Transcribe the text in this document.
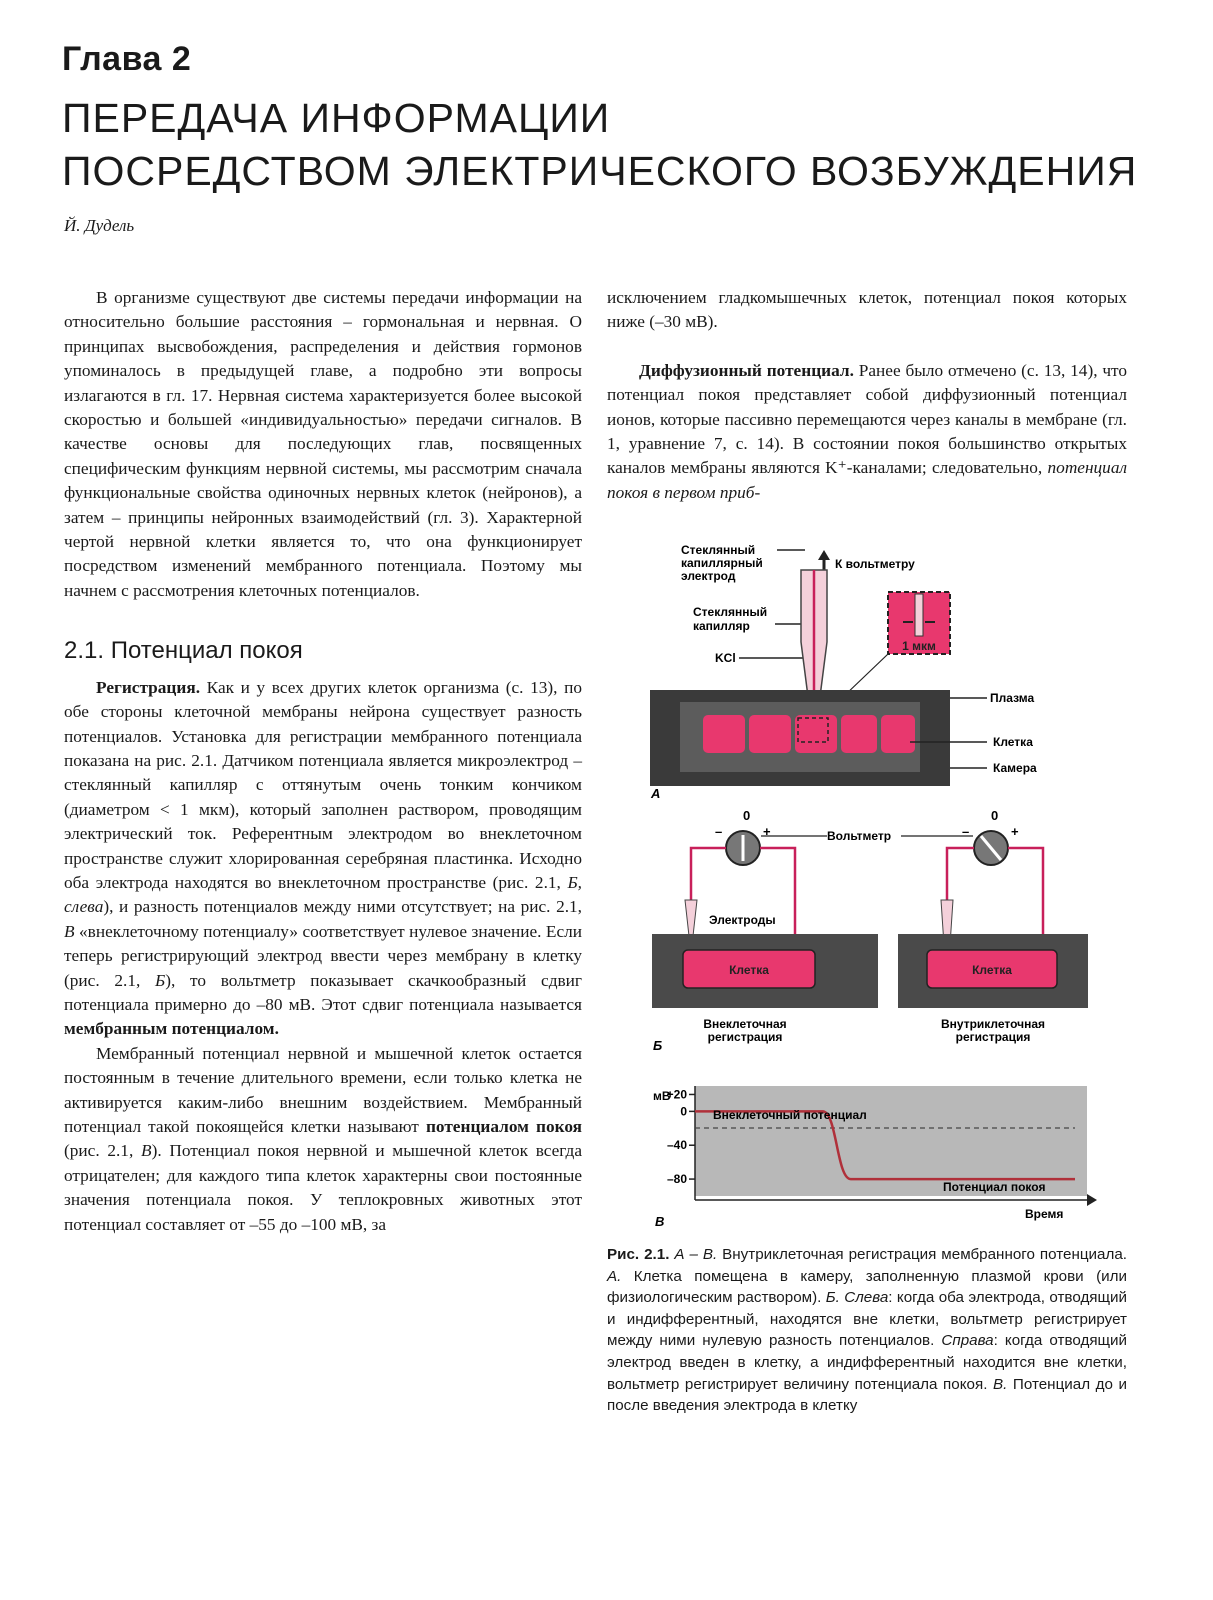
Глава 2
ПЕРЕДАЧА ИНФОРМАЦИИ
ПОСРЕДСТВОМ ЭЛЕКТРИЧЕСКОГО ВОЗБУЖДЕНИЯ
Й. Дудель

В организме существуют две системы передачи информации на относительно большие расстояния – гормональная и нервная. О принципах высвобождения, распределения и действия гормонов упоминалось в предыдущей главе, а подробно эти вопросы излагаются в гл. 17. Нервная система характеризуется более высокой скоростью и большей «индивидуальностью» передачи сигналов. В качестве основы для последующих глав, посвященных специфическим функциям нервной системы, мы рассмотрим сначала функциональные свойства одиночных нервных клеток (нейронов), а затем – принципы нейронных взаимодействий (гл. 3). Характерной чертой нервной клетки является то, что она функционирует посредством изменений мембранного потенциала. Поэтому мы начнем с рассмотрения клеточных потенциалов.

2.1. Потенциал покоя

Регистрация. Как и у всех других клеток организма (с. 13), по обе стороны клеточной мембраны нейрона существует разность потенциалов. Установка для регистрации мембранного потенциала показана на рис. 2.1. Датчиком потенциала является микроэлектрод – стеклянный капилляр с оттянутым очень тонким кончиком (диаметром < 1 мкм), который заполнен раствором, проводящим электрический ток. Референтным электродом во внеклеточном пространстве служит хлорированная серебряная пластинка. Исходно оба электрода находятся во внеклеточном пространстве (рис. 2.1, Б, слева), и разность потенциалов между ними отсутствует; на рис. 2.1, В «внеклеточному потенциалу» соответствует нулевое значение. Если теперь регистрирующий электрод ввести через мембрану в клетку (рис. 2.1, Б), то вольтметр показывает скачкообразный сдвиг потенциала примерно до –80 мВ. Этот сдвиг потенциала называется мембранным потенциалом.

Мембранный потенциал нервной и мышечной клеток остается постоянным в течение длительного времени, если только клетка не активируется каким-либо внешним воздействием. Мембранный потенциал такой покоящейся клетки называют потенциалом покоя (рис. 2.1, В). Потенциал покоя нервной и мышечной клеток всегда отрицателен; для каждого типа клеток характерны свои постоянные значения потенциала покоя. У теплокровных животных этот потенциал составляет от –55 до –100 мВ, за

исключением гладкомышечных клеток, потенциал покоя которых ниже (–30 мВ).

Диффузионный потенциал. Ранее было отмечено (с. 13, 14), что потенциал покоя представляет собой диффузионный потенциал ионов, которые пассивно перемещаются через каналы в мембране (гл. 1, уравнение 7, с. 14). В состоянии покоя большинство открытых каналов мембраны являются K⁺-каналами; следовательно, потенциал покоя в первом приб-

Стеклянный
капиллярный
электрод
К вольтметру
Стеклянный
капилляр
KCl
1 мкм
Плазма
Клетка
Камера
А
0
–	+
0
–	+
Вольтметр
Электроды
Клетка	Клетка
Внеклеточная
регистрация
Внутриклеточная
регистрация
Б
мВ
+20
0
–40
–80
Внеклеточный потенциал
Потенциал покоя
Время
В
Рис. 2.1. А – В. Внутриклеточная регистрация мембранного потенциала. А. Клетка помещена в камеру, заполненную плазмой крови (или физиологическим раствором). Б. Слева: когда оба электрода, отводящий и индифферентный, находятся вне клетки, вольтметр регистрирует между ними нулевую разность потенциалов. Справа: когда отводящий электрод введен в клетку, а индифферентный находится вне клетки, вольтметр регистрирует величину потенциала покоя. В. Потенциал до и после введения электрода в клетку
